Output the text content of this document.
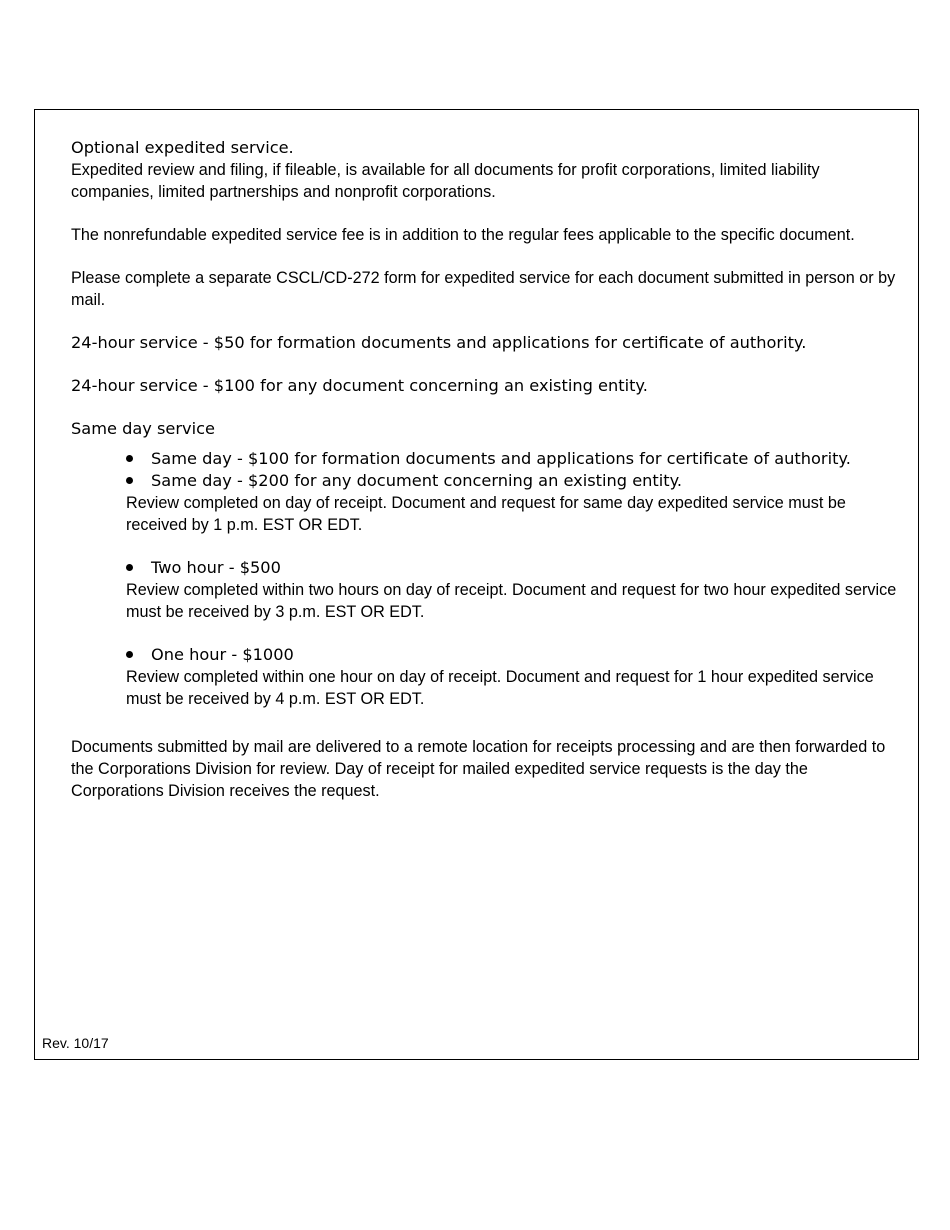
Optional expedited service.

Expedited review and filing, if fileable, is available for all documents for profit corporations, limited liability companies, limited partnerships and nonprofit corporations.

The nonrefundable expedited service fee is in addition to the regular fees applicable to the specific document.

Please complete a separate CSCL/CD-272 form for expedited service for each document submitted in person or by mail.

24-hour service - $50 for formation documents and applications for certificate of authority.

24-hour service - $100 for any document concerning an existing entity.

Same day service

Same day - $100 for formation documents and applications for certificate of authority.
Same day - $200 for any document concerning an existing entity.

Review completed on day of receipt. Document and request for same day expedited service must be received by 1 p.m. EST OR EDT.

Two hour - $500

Review completed within two hours on day of receipt. Document and request for two hour expedited service must be received by 3 p.m. EST OR EDT.

One hour - $1000

Review completed within one hour on day of receipt. Document and request for 1 hour expedited service must be received by 4 p.m. EST OR EDT.

Documents submitted by mail are delivered to a remote location for receipts processing and are then forwarded to the Corporations Division for review. Day of receipt for mailed expedited service requests is the day the Corporations Division receives the request.

Rev. 10/17
